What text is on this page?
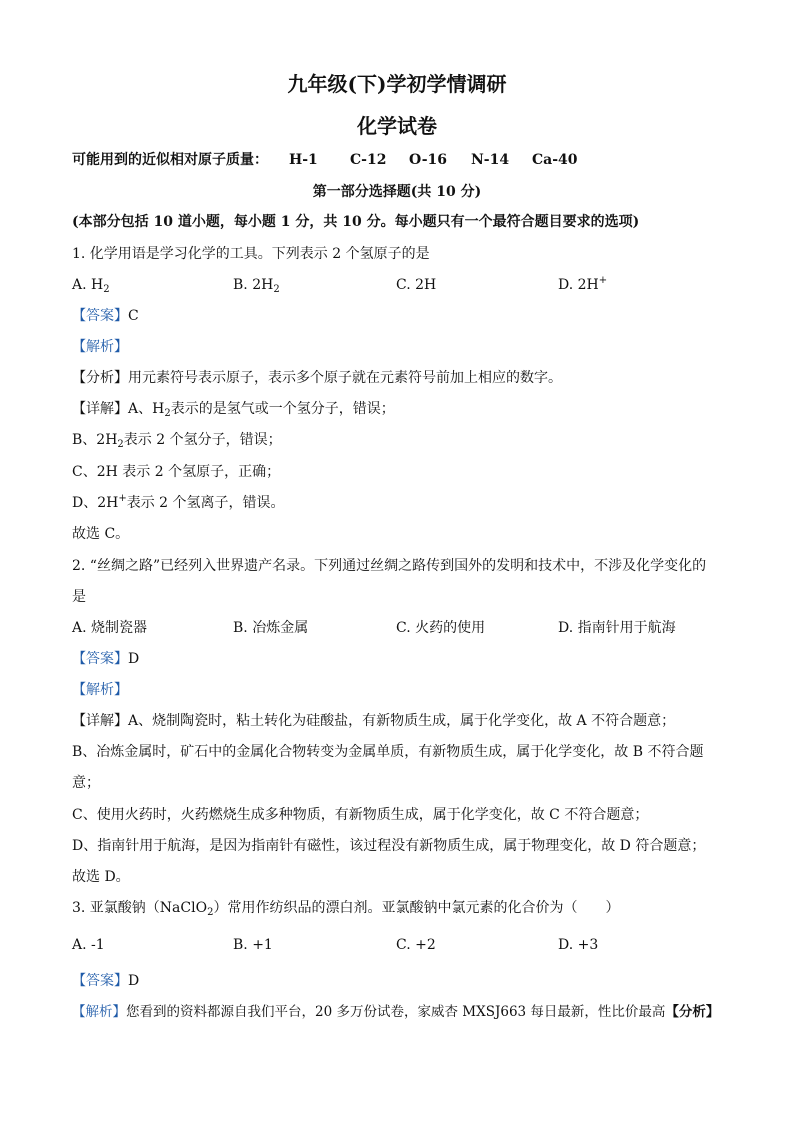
九年级(下)学初学情调研
化学试卷
可能用到的近似相对原子质量： H-1 C-12 O-16 N-14 Ca-40
第一部分选择题(共 10 分)
(本部分包括 10 道小题，每小题 1 分，共 10 分。每小题只有一个最符合题目要求的选项)
1. 化学用语是学习化学的工具。下列表示 2 个氢原子的是
A. $H_2$	B. $2H_2$	C. 2H	D. 2H+
【答案】C
【解析】
【分析】用元素符号表示原子，表示多个原子就在元素符号前加上相应的数字。
【详解】A、$H_2$表示的是氢气或一个氢分子，错误；
B、$2H_2$表示 2 个氢分子，错误；
C、2H 表示 2 个氢原子，正确；
D、2H+表示 2 个氢离子，错误。
故选 C。
2. “丝绸之路”已经列入世界遗产名录。下列通过丝绸之路传到国外的发明和技术中，不涉及化学变化的
是
A. 烧制瓷器	B. 冶炼金属	C. 火药的使用	D. 指南针用于航海
【答案】D
【解析】
【详解】A、烧制陶瓷时，粘土转化为硅酸盐，有新物质生成，属于化学变化，故 A 不符合题意；
B、冶炼金属时，矿石中的金属化合物转变为金属单质，有新物质生成，属于化学变化，故 B 不符合题
意；
C、使用火药时，火药燃烧生成多种物质，有新物质生成，属于化学变化，故 C 不符合题意；
D、指南针用于航海，是因为指南针有磁性，该过程没有新物质生成，属于物理变化，故 D 符合题意；
故选 D。
3. 亚氯酸钠（NaClO$_2$）常用作纺织品的漂白剂。亚氯酸钠中氯元素的化合价为（　　）
A. -1	B. +1	C. +2	D. +3
【答案】D
【解析】您看到的资料都源自我们平台，20 多万份试卷，家威杏 MXSJ663 每日最新，性比价最高【分析】
